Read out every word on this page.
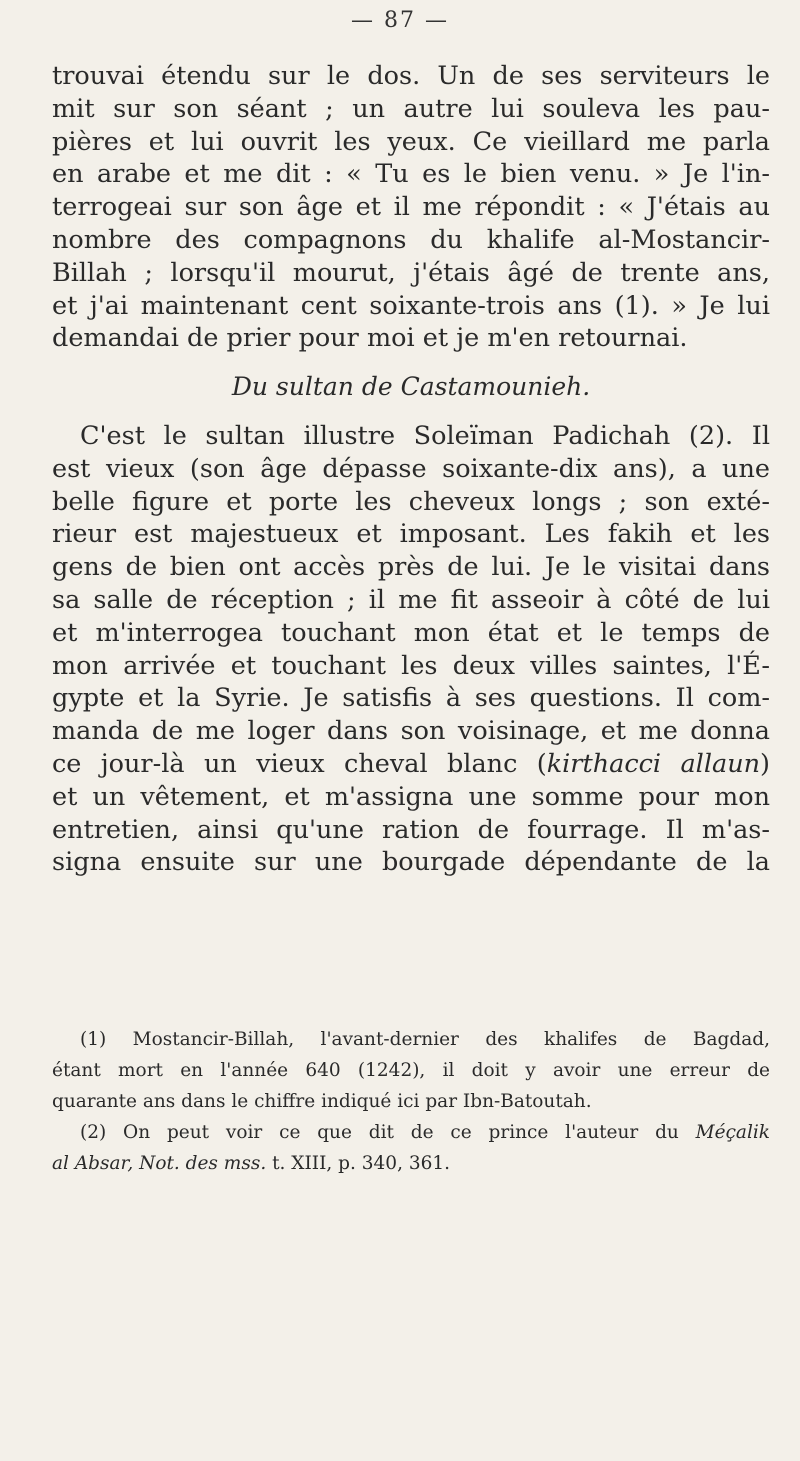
— 87 —
trouvai étendu sur le dos. Un de ses serviteurs le
mit sur son séant ; un autre lui souleva les pau-
pières et lui ouvrit les yeux. Ce vieillard me parla
en arabe et me dit : « Tu es le bien venu. » Je l'in-
terrogeai sur son âge et il me répondit : « J'étais au
nombre des compagnons du khalife al-Mostancir-
Billah ; lorsqu'il mourut, j'étais âgé de trente ans,
et j'ai maintenant cent soixante-trois ans (1). » Je lui
demandai de prier pour moi et je m'en retournai.
Du sultan de Castamounieh.
C'est le sultan illustre Soleïman Padichah (2). Il
est vieux (son âge dépasse soixante-dix ans), a une
belle figure et porte les cheveux longs ; son exté-
rieur est majestueux et imposant. Les fakih et les
gens de bien ont accès près de lui. Je le visitai dans
sa salle de réception ; il me fit asseoir à côté de lui
et m'interrogea touchant mon état et le temps de
mon arrivée et touchant les deux villes saintes, l'É-
gypte et la Syrie. Je satisfis à ses questions. Il com-
manda de me loger dans son voisinage, et me donna
ce jour-là un vieux cheval blanc (kirthacci allaun)
et un vêtement, et m'assigna une somme pour mon
entretien, ainsi qu'une ration de fourrage. Il m'as-
signa ensuite sur une bourgade dépendante de la
(1) Mostancir-Billah, l'avant-dernier des khalifes de Bagdad,
étant mort en l'année 640 (1242), il doit y avoir une erreur de
quarante ans dans le chiffre indiqué ici par Ibn-Batoutah.
(2) On peut voir ce que dit de ce prince l'auteur du Méçalik
al Absar, Not. des mss. t. XIII, p. 340, 361.
